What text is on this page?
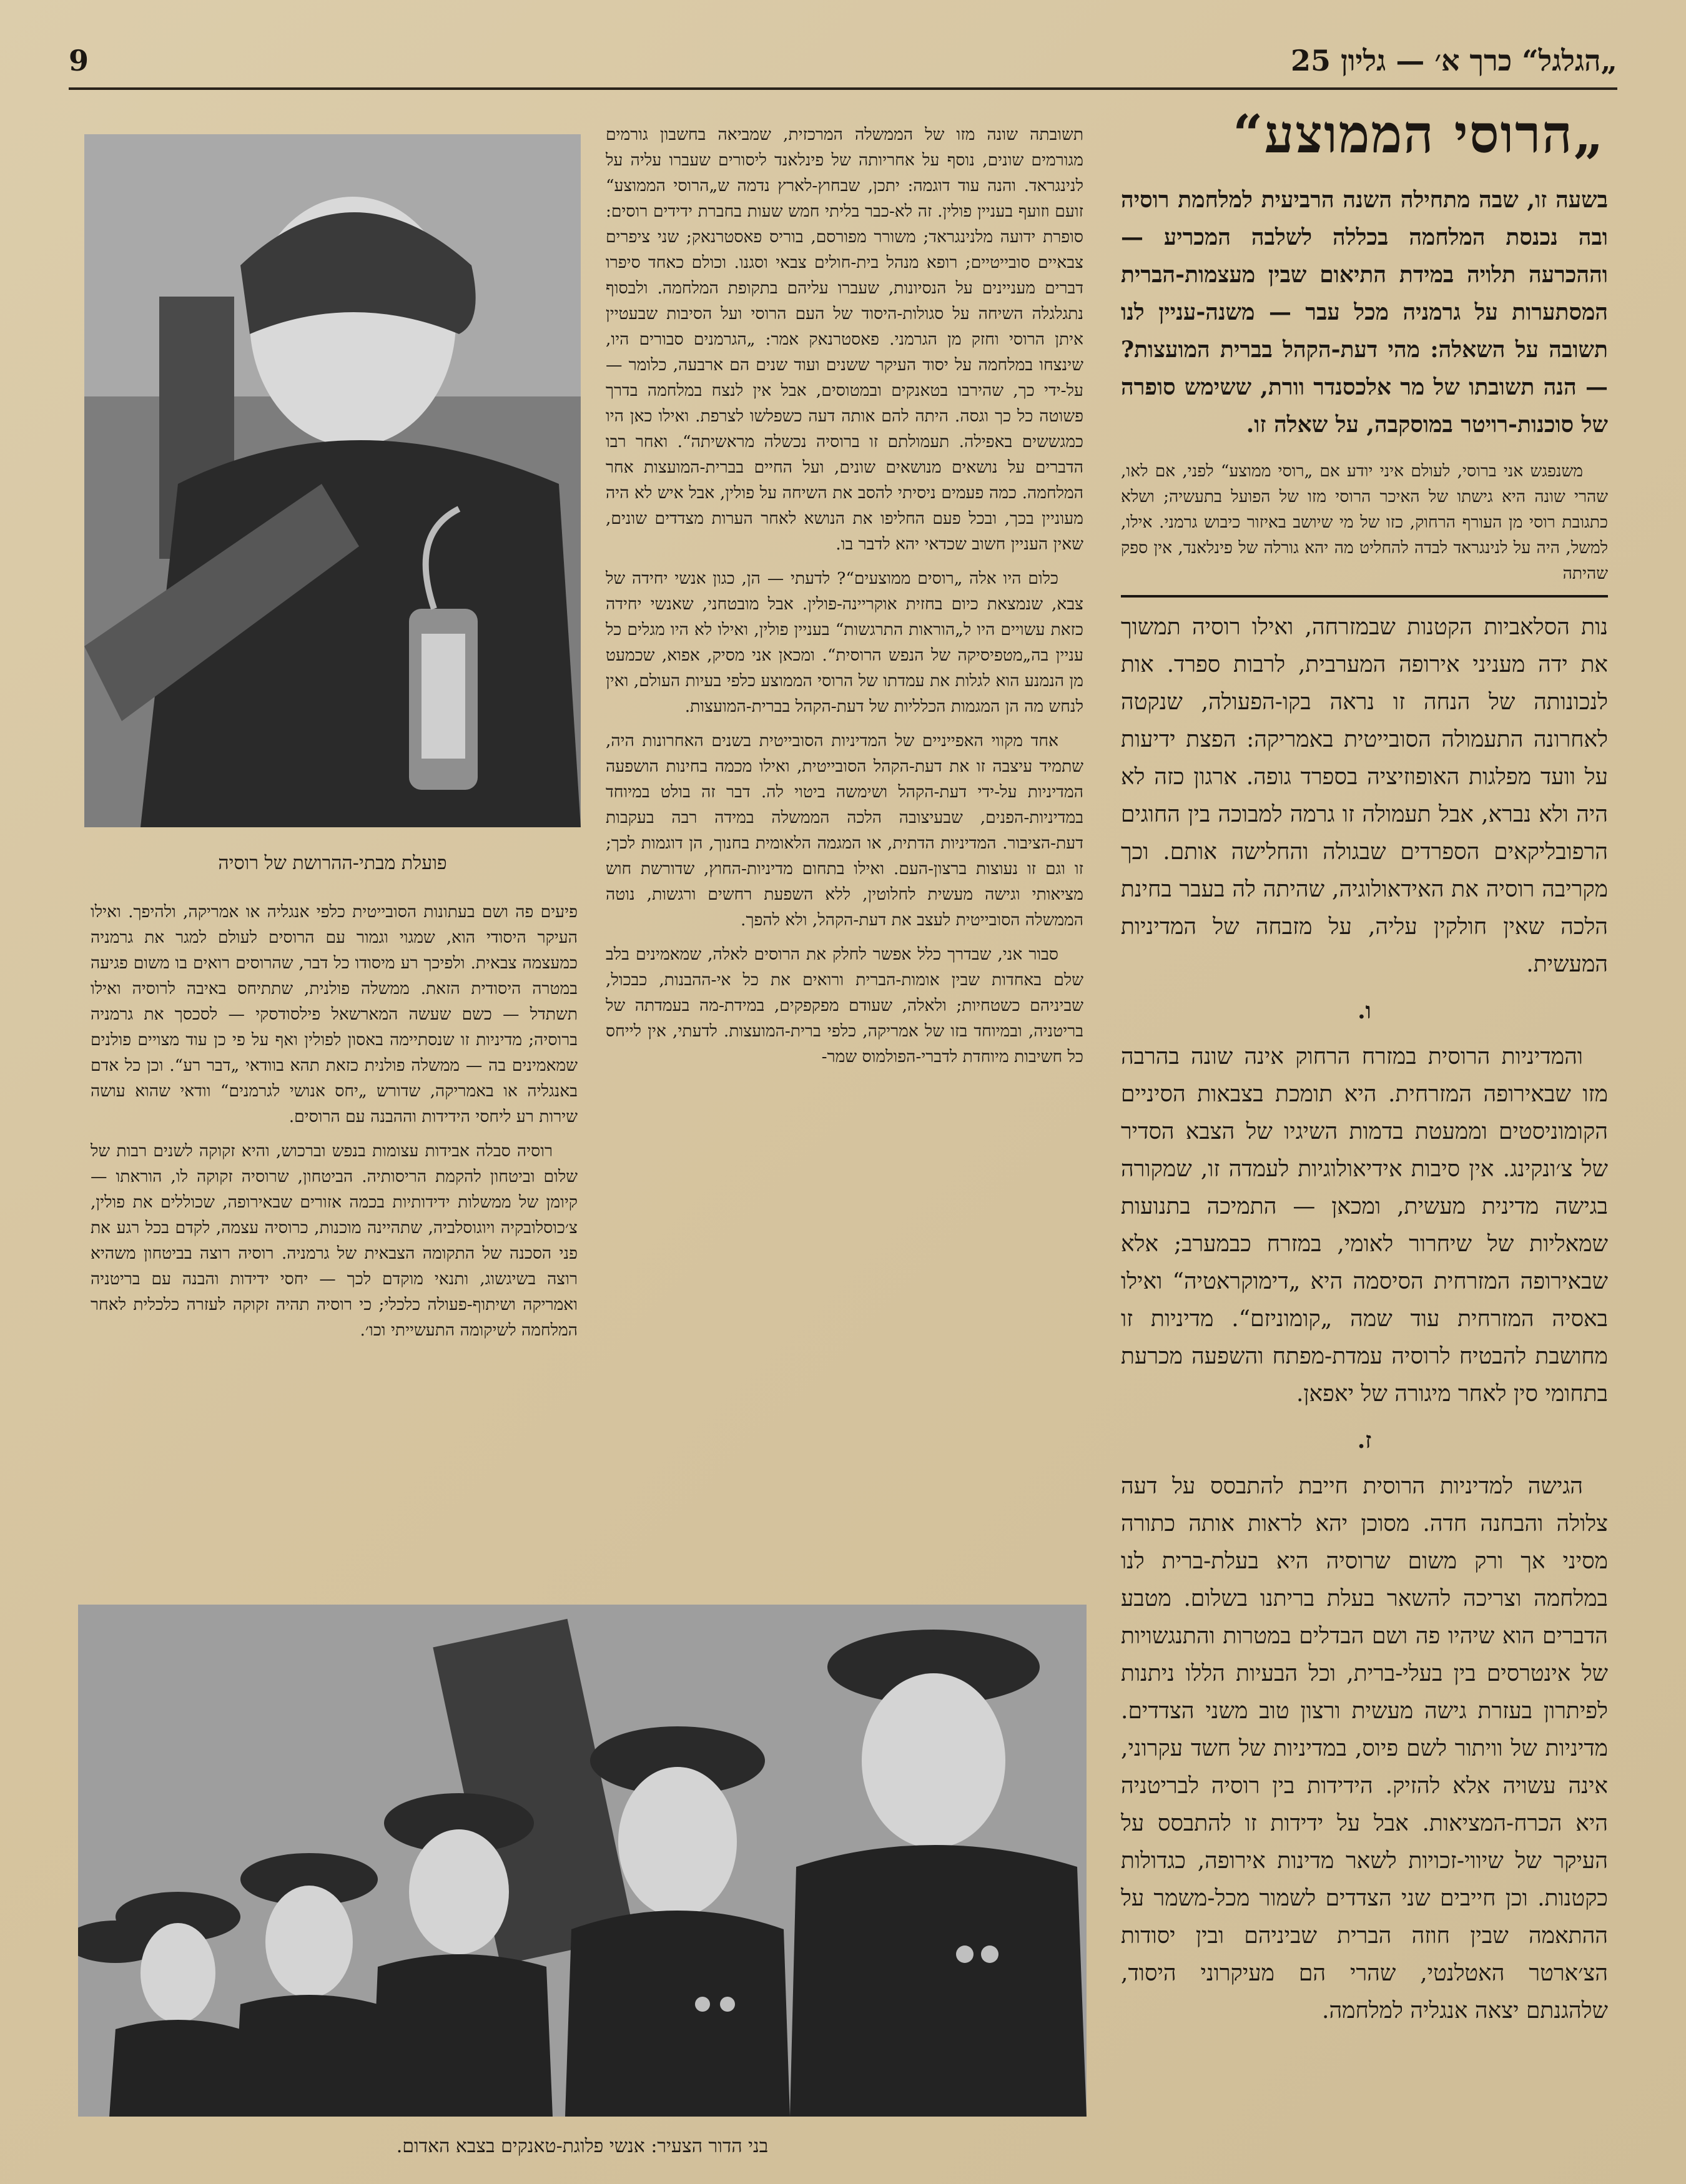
9	„הגלגל“ כרך א׳ — גליון 25
„הרוסי הממוצע“

בשעה זו, שבה מתחילה השנה הרביעית למלחמת רוסיה ובה נכנסת המלחמה בכללה לשלבה המכריע — וההכרעה תלויה במידת התיאום שבין מעצמות-הברית המסתערות על גרמניה מכל עבר — משנה-עניין לנו תשובה על השאלה: מהי דעת-הקהל בברית המועצות? — הנה תשובתו של מר אלכסנדר וורת, ששימש סופרה של סוכנות-רויטר במוסקבה, על שאלה זו.

משנפגש אני ברוסי, לעולם איני יודע אם „רוסי ממוצע“ לפני, אם לאו, שהרי שונה היא גישתו של האיכר הרוסי מזו של הפועל בתעשיה; ושלא כתגובת רוסי מן העורף הרחוק, כזו של מי שיושב באיזור כיבוש גרמני. אילו, למשל, היה על לנינגראד לבדה להחליט מה יהא גורלה של פינלאנד, אין ספק שהיתה

נות הסלאביות הקטנות שבמזרחה, ואילו רוסיה תמשוך את ידה מעניני אירופה המערבית, לרבות ספרד. אות לנכונותה של הנחה זו נראה בקו-הפעולה, שנקטה לאחרונה התעמולה הסובייטית באמריקה: הפצת ידיעות על וועד מפלגות האופוזיציה בספרד גופה. ארגון כזה לא היה ולא נברא, אבל תעמולה זו גרמה למבוכה בין החוגים הרפובליקאים הספרדים שבגולה והחלישה אותם. וכך מקריבה רוסיה את האידאולוגיה, שהיתה לה בעבר בחינת הלכה שאין חולקין עליה, על מזבחה של המדיניות המעשית.

ו.

והמדיניות הרוסית במזרח הרחוק אינה שונה בהרבה מזו שבאירופה המזרחית. היא תומכת בצבאות הסיניים הקומוניסטים וממעטת בדמות השיגיו של הצבא הסדיר של צ׳ונקינג. אין סיבות אידיאולוגיות לעמדה זו, שמקורה בגישה מדינית מעשית, ומכאן — התמיכה בתנועות שמאליות של שיחרור לאומי, במזרח כבמערב; אלא שבאירופה המזרחית הסיסמה היא „דימוקראטיה“ ואילו באסיה המזרחית עוד שמה „קומוניזם“. מדיניות זו מחושבת להבטיח לרוסיה עמדת-מפתח והשפעה מכרעת בתחומי סין לאחר מיגורה של יאפאן.

ז.

הגישה למדיניות הרוסית חייבת להתבסס על דעה צלולה והבחנה חדה. מסוכן יהא לראות אותה כתורה מסיני אך ורק משום שרוסיה היא בעלת-ברית לנו במלחמה וצריכה להשאר בעלת בריתנו בשלום. מטבע הדברים הוא שיהיו פה ושם הבדלים במטרות והתנגשויות של אינטרסים בין בעלי-ברית, וכל הבעיות הללו ניתנות לפיתרון בעזרת גישה מעשית ורצון טוב משני הצדדים. מדיניות של וויתור לשם פיוס, במדיניות של חשד עקרוני, אינה עשויה אלא להזיק. הידידות בין רוסיה לבריטניה היא הכרח-המציאות. אבל על ידידות זו להתבסס על העיקר של שיווי-זכויות לשאר מדינות אירופה, כגדולות כקטנות. וכן חייבים שני הצדדים לשמור מכל-משמר על ההתאמה שבין חוזה הברית שביניהם ובין יסודות הצ׳ארטר האטלנטי, שהרי הם מעיקרוני היסוד, שלהגנתם יצאה אנגליה למלחמה.

תשובתה שונה מזו של הממשלה המרכזית, שמביאה בחשבון גורמים מגורמים שונים, נוסף על אחריותה של פינלאנד ליסורים שעברו עליה על לנינגראד. והנה עוד דוגמה: יתכן, שבחוץ-לארץ נדמה ש„הרוסי הממוצע“ זועם וזועף בעניין פולין. זה לא-כבר בליתי חמש שעות בחברת ידידים רוסים: סופרת ידועה מלנינגראד; משורר מפורסם, בוריס פאסטרנאק; שני ציפרים צבאיים סובייטיים; רופא מנהל בית-חולים צבאי וסגנו. וכולם כאחד סיפרו דברים מעניינים על הנסיונות, שעברו עליהם בתקופת המלחמה. ולבסוף נתגלגלה השיחה על סגולות-היסוד של העם הרוסי ועל הסיבות שבעטיין איתן הרוסי וחזק מן הגרמני. פאסטרנאק אמר: „הגרמנים סבורים היו, שינצחו במלחמה על יסוד העיקר ששנים ועוד שנים הם ארבעה, כלומר — על-ידי כך, שהירבו בטאנקים ובמטוסים, אבל אין לנצח במלחמה בדרך פשוטה כל כך וגסה. היתה להם אותה דעה כשפלשו לצרפת. ואילו כאן היו כמגששים באפילה. תעמולתם זו ברוסיה נכשלה מראשיתה“. ואחר רבו הדברים על נושאים מנושאים שונים, ועל החיים בברית-המועצות אחר המלחמה. כמה פעמים ניסיתי להסב את השיחה על פולין, אבל איש לא היה מעוניין בכך, ובכל פעם החליפו את הנושא לאחר הערות מצדדים שונים, שאין העניין חשוב שכדאי יהא לדבר בו.

כלום היו אלה „רוסים ממוצעים“? לדעתי — הן, כגון אנשי יחידה של צבא, שנמצאת כיום בחזית אוקריינה-פולין. אבל מובטחני, שאנשי יחידה כזאת עשויים היו ל„הוראות התרגשות“ בעניין פולין, ואילו לא היו מגלים כל עניין בה„מטפיסיקה של הנפש הרוסית“. ומכאן אני מסיק, אפוא, שכמעט מן הנמנע הוא לגלות את עמדתו של הרוסי הממוצע כלפי בעיות העולם, ואין לנחש מה הן המגמות הכלליות של דעת-הקהל בברית-המועצות.

אחד מקווי האפייניים של המדיניות הסובייטית בשנים האחרונות היה, שתמיד עיצבה זו את דעת-הקהל הסובייטית, ואילו מכמה בחינות הושפעה המדיניות על-ידי דעת-הקהל ושימשה ביטוי לה. דבר זה בולט במיוחד במדיניות-הפנים, שבעיצובה הלכה הממשלה במידה רבה בעקבות דעת-הציבור. המדיניות הדתית, או המגמה הלאומית בחנוך, הן דוגמות לכך; זו וגם זו נעוצות ברצון-העם. ואילו בתחום מדיניות-החוץ, שדורשת חוש מציאותי וגישה מעשית לחלוטין, ללא השפעת רחשים ורגשות, נוטה הממשלה הסובייטית לעצב את דעת-הקהל, ולא להפך.

סבור אני, שבדרך כלל אפשר לחלק את הרוסים לאלה, שמאמינים בלב שלם באחדות שבין אומות-הברית ורואים את כל אי-ההבנות, כבכול, שביניהם כשטחיות; ולאלה, שעודם מפקפקים, במידת-מה בעמדתה של בריטניה, ובמיוחד בזו של אמריקה, כלפי ברית-המועצות. לדעתי, אין לייחס כל חשיבות מיוחדת לדברי-הפולמוס שמר-

פועלת מבתי-ההרושת של רוסיה

פיעים פה ושם בעתונות הסובייטית כלפי אנגליה או אמריקה, ולהיפך. ואילו העיקר היסודי הוא, שמגוי וגמור עם הרוסים לעולם למגר את גרמניה כמעצמה צבאית. ולפיכך רע מיסודו כל דבר, שהרוסים רואים בו משום פגיעה במטרה היסודית הזאת. ממשלה פולנית, שתתיחס באיבה לרוסיה ואילו תשתדל — כשם שעשה המארשאל פילסודסקי — לסכסך את גרמניה ברוסיה; מדיניות זו שנסתיימה באסון לפולין ואף על פי כן עוד מצויים פולנים שמאמינים בה — ממשלה פולנית כזאת תהא בוודאי „דבר רע“. וכן כל אדם באנגליה או באמריקה, שדורש „יחס אנושי לגרמנים“ וודאי שהוא עושה שירות רע ליחסי הידידות וההבנה עם הרוסים.

רוסיה סבלה אבידות עצומות בנפש וברכוש, והיא זקוקה לשנים רבות של שלום וביטחון להקמת הריסותיה. הביטחון, שרוסיה זקוקה לו, הוראתו — קיומן של ממשלות ידידותיות בכמה אזורים שבאירופה, שכוללים את פולין, צ׳כוסלובקיה ויוגוסלביה, שתהיינה מוכנות, כרוסיה עצמה, לקדם בכל רגע את פני הסכנה של התקומה הצבאית של גרמניה. רוסיה רוצה בביטחון משהיא רוצה בשיגשוג, ותנאי מוקדם לכך — יחסי ידידות והבנה עם בריטניה ואמריקה ושיתוף-פעולה כלכלי; כי רוסיה תהיה זקוקה לעזרה כלכלית לאחר המלחמה לשיקומה התעשייתי וכו׳.

בני הדור הצעיר: אנשי פלוגת-טאנקים בצבא האדום.
